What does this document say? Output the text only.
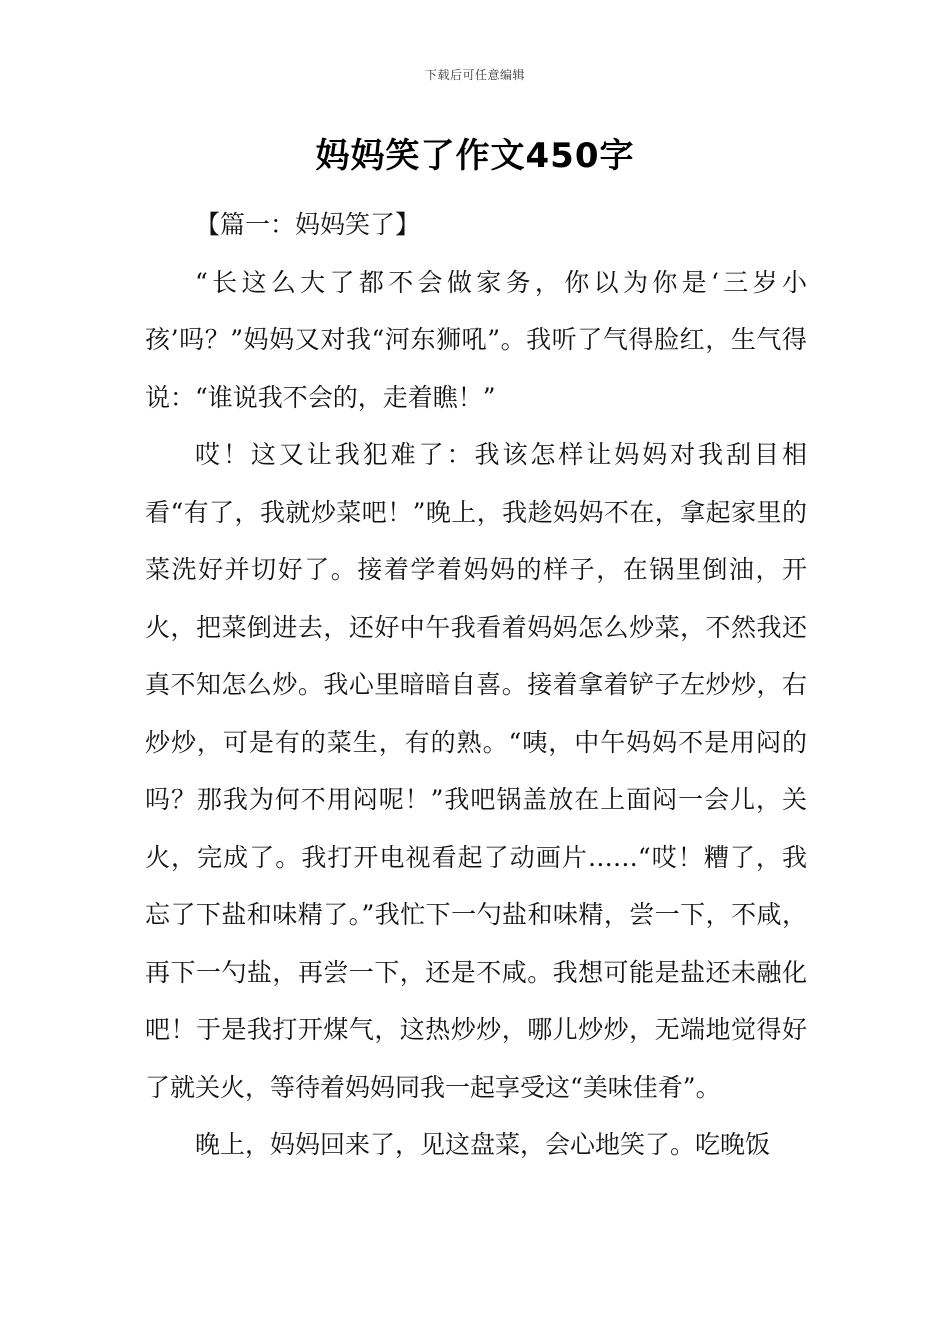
下载后可任意编辑
妈妈笑了作文450字

【篇一：妈妈笑了】

“长这么大了都不会做家务，你以为你是‘三岁小孩’吗？”妈妈又对我“河东狮吼”。我听了气得脸红，生气得说：“谁说我不会的，走着瞧！”

哎！这又让我犯难了：我该怎样让妈妈对我刮目相看“有了，我就炒菜吧！”晚上，我趁妈妈不在，拿起家里的菜洗好并切好了。接着学着妈妈的样子，在锅里倒油，开火，把菜倒进去，还好中午我看着妈妈怎么炒菜，不然我还真不知怎么炒。我心里暗暗自喜。接着拿着铲子左炒炒，右炒炒，可是有的菜生，有的熟。“咦，中午妈妈不是用闷的吗？那我为何不用闷呢！”我吧锅盖放在上面闷一会儿，关火，完成了。我打开电视看起了动画片……“哎！糟了，我忘了下盐和味精了。”我忙下一勺盐和味精，尝一下，不咸，再下一勺盐，再尝一下，还是不咸。我想可能是盐还未融化吧！于是我打开煤气，这热炒炒，哪儿炒炒，无端地觉得好了就关火，等待着妈妈同我一起享受这“美味佳肴”。

晚上，妈妈回来了，见这盘菜，会心地笑了。吃晚饭
